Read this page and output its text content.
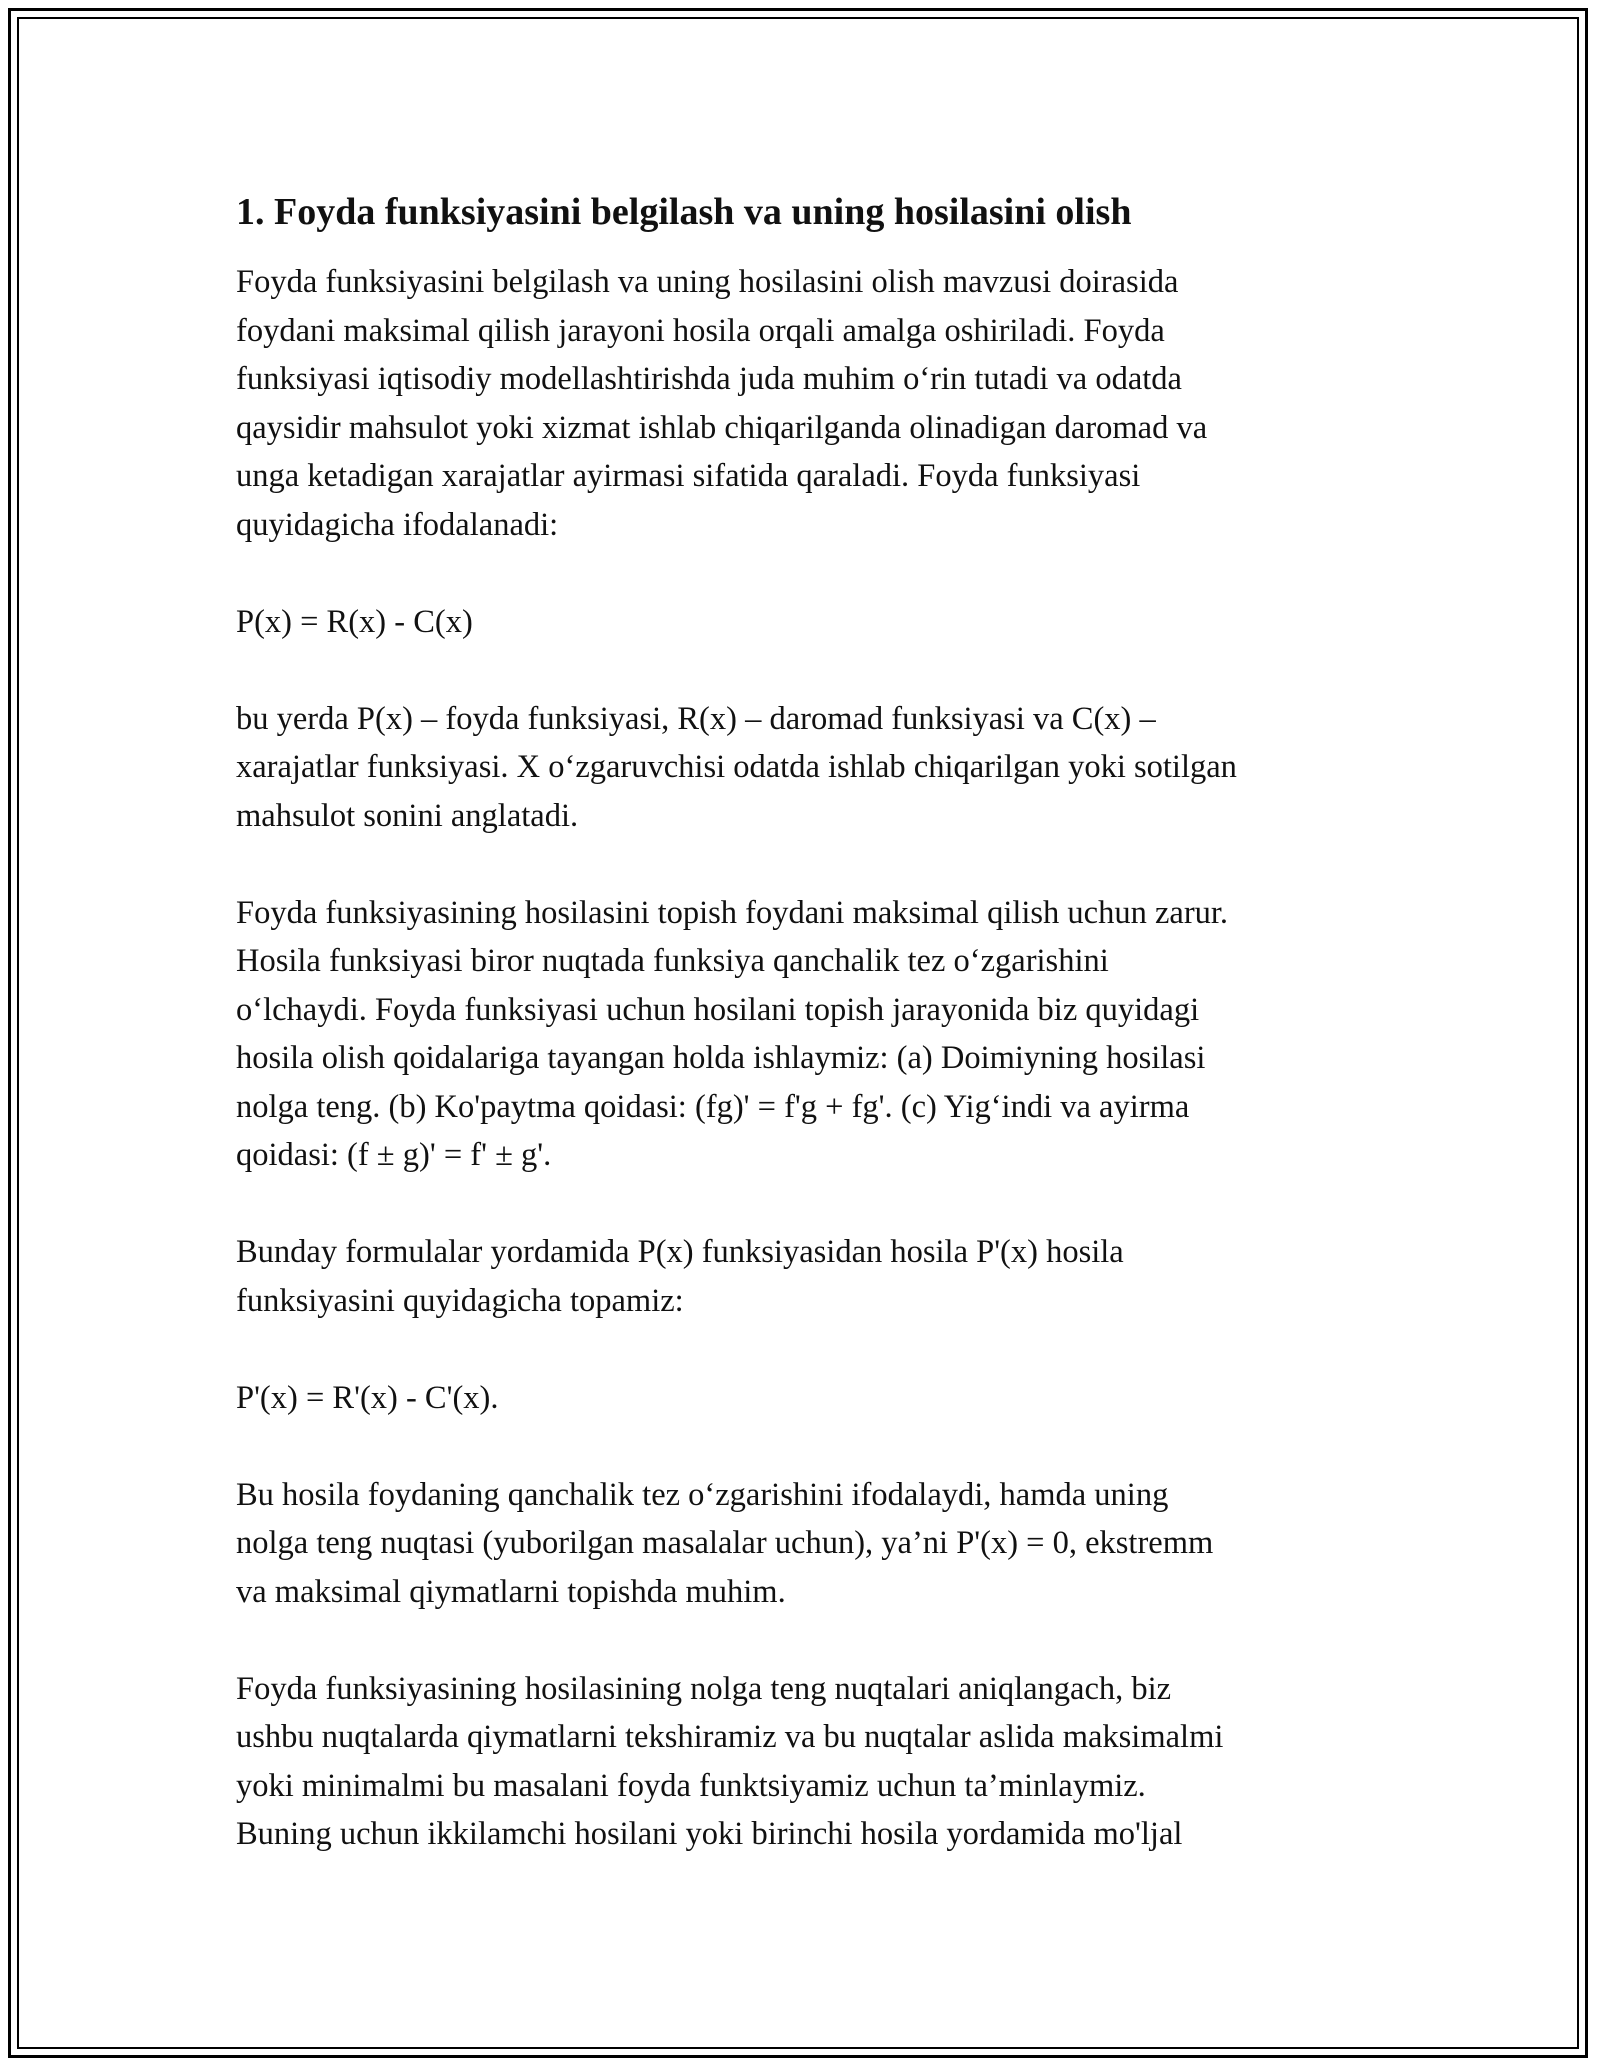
1. Foyda funksiyasini belgilash va uning hosilasini olish
Foyda funksiyasini belgilash va uning hosilasini olish mavzusi doirasida
foydani maksimal qilish jarayoni hosila orqali amalga oshiriladi. Foyda
funksiyasi iqtisodiy modellashtirishda juda muhim o‘rin tutadi va odatda
qaysidir mahsulot yoki xizmat ishlab chiqarilganda olinadigan daromad va
unga ketadigan xarajatlar ayirmasi sifatida qaraladi. Foyda funksiyasi
quyidagicha ifodalanadi:
P(x) = R(x) - C(x)
bu yerda P(x) – foyda funksiyasi, R(x) – daromad funksiyasi va C(x) –
xarajatlar funksiyasi. X o‘zgaruvchisi odatda ishlab chiqarilgan yoki sotilgan
mahsulot sonini anglatadi.
Foyda funksiyasining hosilasini topish foydani maksimal qilish uchun zarur.
Hosila funksiyasi biror nuqtada funksiya qanchalik tez o‘zgarishini
o‘lchaydi. Foyda funksiyasi uchun hosilani topish jarayonida biz quyidagi
hosila olish qoidalariga tayangan holda ishlaymiz: (a) Doimiyning hosilasi
nolga teng. (b) Ko'paytma qoidasi: (fg)' = f'g + fg'. (c) Yig‘indi va ayirma
qoidasi: (f ± g)' = f' ± g'.
Bunday formulalar yordamida P(x) funksiyasidan hosila P'(x) hosila
funksiyasini quyidagicha topamiz:
P'(x) = R'(x) - C'(x).
Bu hosila foydaning qanchalik tez o‘zgarishini ifodalaydi, hamda uning
nolga teng nuqtasi (yuborilgan masalalar uchun), ya’ni P'(x) = 0, ekstremm
va maksimal qiymatlarni topishda muhim.
Foyda funksiyasining hosilasining nolga teng nuqtalari aniqlangach, biz
ushbu nuqtalarda qiymatlarni tekshiramiz va bu nuqtalar aslida maksimalmi
yoki minimalmi bu masalani foyda funktsiyamiz uchun ta’minlaymiz.
Buning uchun ikkilamchi hosilani yoki birinchi hosila yordamida mo'ljal
